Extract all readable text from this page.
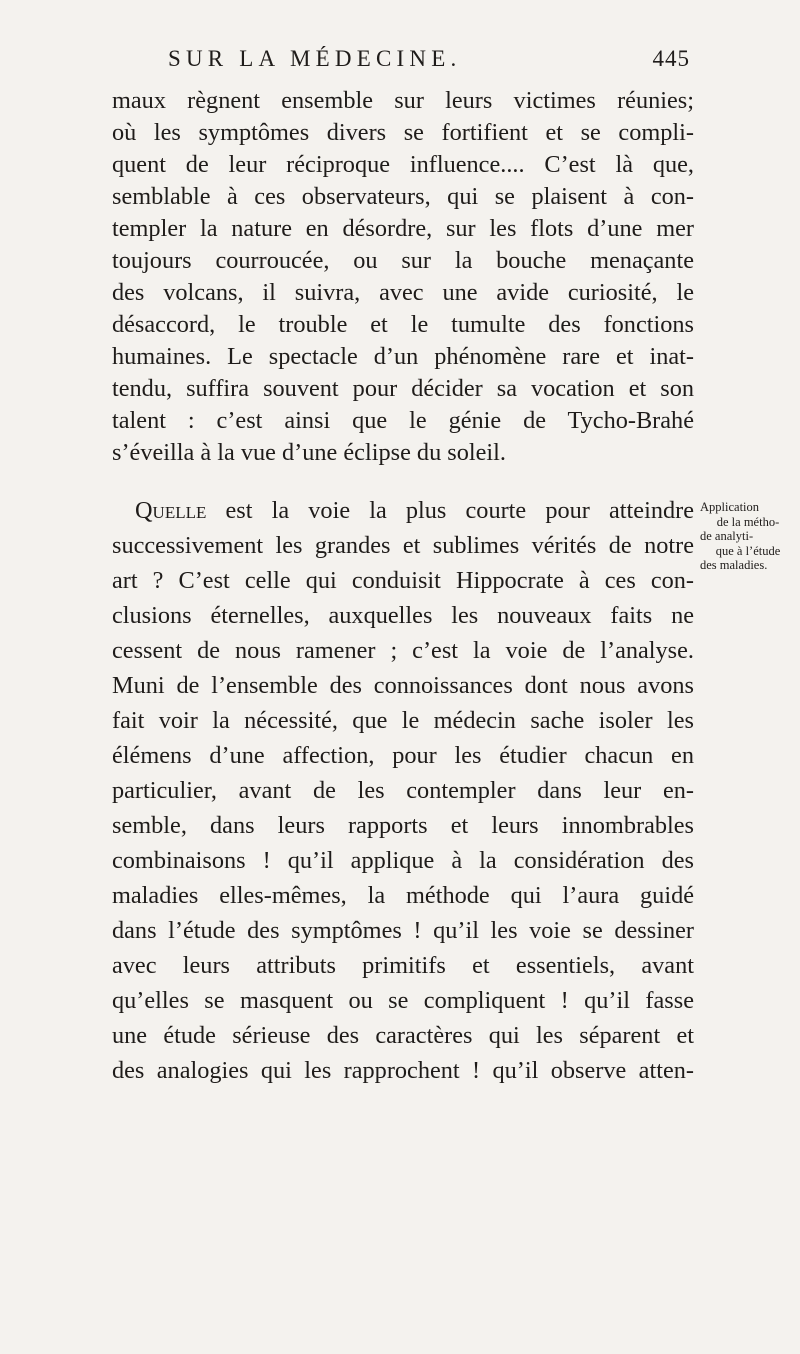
SUR LA MÉDECINE.	445
maux règnent ensemble sur leurs victimes réunies;
où les symptômes divers se fortifient et se compli-
quent de leur réciproque influence.... C’est là que,
semblable à ces observateurs, qui se plaisent à con-
templer la nature en désordre, sur les flots d’une mer
toujours courroucée, ou sur la bouche menaçante
des volcans, il suivra, avec une avide curiosité, le
désaccord, le trouble et le tumulte des fonctions
humaines. Le spectacle d’un phénomène rare et inat-
tendu, suffira souvent pour décider sa vocation et son
talent : c’est ainsi que le génie de Tycho-Brahé
s’éveilla à la vue d’une éclipse du soleil.
Quelle est la voie la plus courte pour atteindre
successivement les grandes et sublimes vérités de notre
art ? C’est celle qui conduisit Hippocrate à ces con-
clusions éternelles, auxquelles les nouveaux faits ne
cessent de nous ramener ; c’est la voie de l’analyse.
Muni de l’ensemble des connoissances dont nous avons
fait voir la nécessité, que le médecin sache isoler les
élémens d’une affection, pour les étudier chacun en
particulier, avant de les contempler dans leur en-
semble, dans leurs rapports et leurs innombrables
combinaisons ! qu’il applique à la considération des
maladies elles-mêmes, la méthode qui l’aura guidé
dans l’étude des symptômes ! qu’il les voie se dessiner
avec leurs attributs primitifs et essentiels, avant
qu’elles se masquent ou se compliquent ! qu’il fasse
une étude sérieuse des caractères qui les séparent et
des analogies qui les rapprochent ! qu’il observe atten-
Application
de la métho-
de analyti-
que à l’étude
des maladies.
